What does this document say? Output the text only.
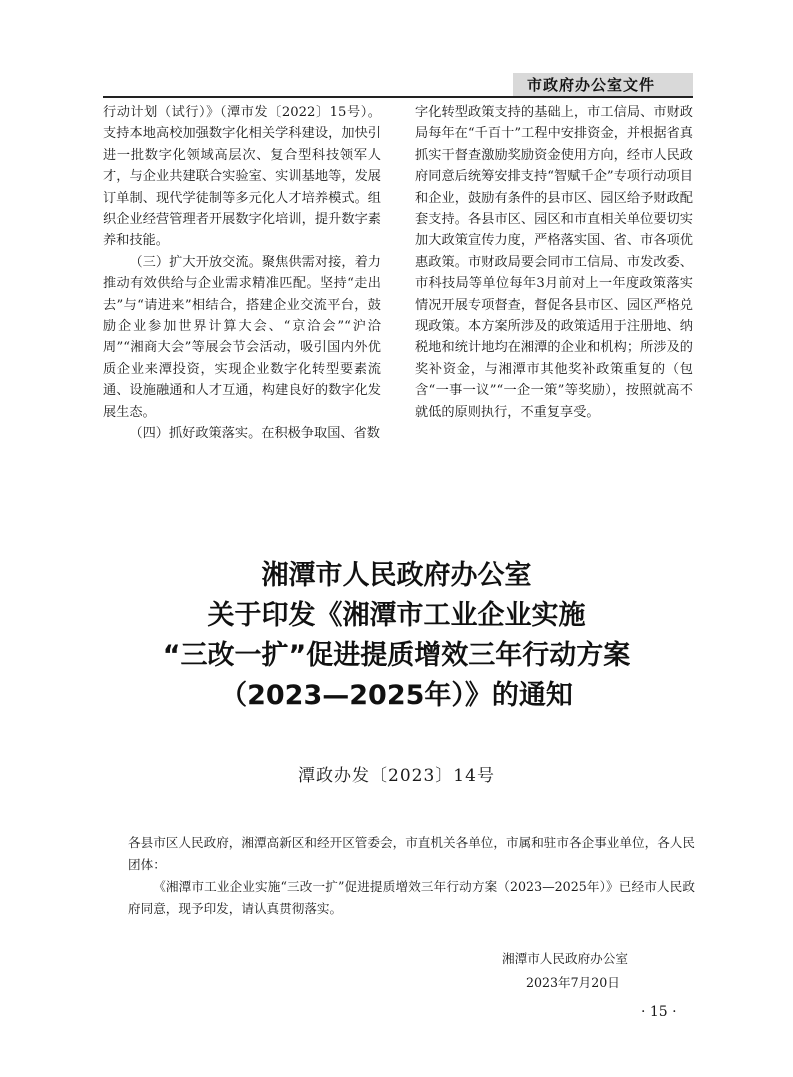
市政府办公室文件

行动计划（试行）》（潭市发〔2022〕15号）。支持本地高校加强数字化相关学科建设，加快引进一批数字化领域高层次、复合型科技领军人才，与企业共建联合实验室、实训基地等，发展订单制、现代学徒制等多元化人才培养模式。组织企业经营管理者开展数字化培训，提升数字素养和技能。

（三）扩大开放交流。聚焦供需对接，着力推动有效供给与企业需求精准匹配。坚持“走出去”与“请进来”相结合，搭建企业交流平台，鼓励企业参加世界计算大会、“京洽会”“沪洽周”“湘商大会”等展会节会活动，吸引国内外优质企业来潭投资，实现企业数字化转型要素流通、设施融通和人才互通，构建良好的数字化发展生态。

（四）抓好政策落实。在积极争取国、省数

字化转型政策支持的基础上，市工信局、市财政局每年在“千百十”工程中安排资金，并根据省真抓实干督查激励奖励资金使用方向，经市人民政府同意后统筹安排支持“智赋千企”专项行动项目和企业，鼓励有条件的县市区、园区给予财政配套支持。各县市区、园区和市直相关单位要切实加大政策宣传力度，严格落实国、省、市各项优惠政策。市财政局要会同市工信局、市发改委、市科技局等单位每年3月前对上一年度政策落实情况开展专项督查，督促各县市区、园区严格兑现政策。本方案所涉及的政策适用于注册地、纳税地和统计地均在湘潭的企业和机构；所涉及的奖补资金，与湘潭市其他奖补政策重复的（包含“一事一议”“一企一策”等奖励），按照就高不就低的原则执行，不重复享受。

湘潭市人民政府办公室
关于印发《湘潭市工业企业实施
“三改一扩”促进提质增效三年行动方案
（2023—2025年）》的通知
潭政办发〔2023〕14号

各县市区人民政府，湘潭高新区和经开区管委会，市直机关各单位，市属和驻市各企事业单位，各人民团体：

《湘潭市工业企业实施“三改一扩”促进提质增效三年行动方案（2023—2025年）》已经市人民政府同意，现予印发，请认真贯彻落实。

湘潭市人民政府办公室
2023年7月20日
· 15 ·
